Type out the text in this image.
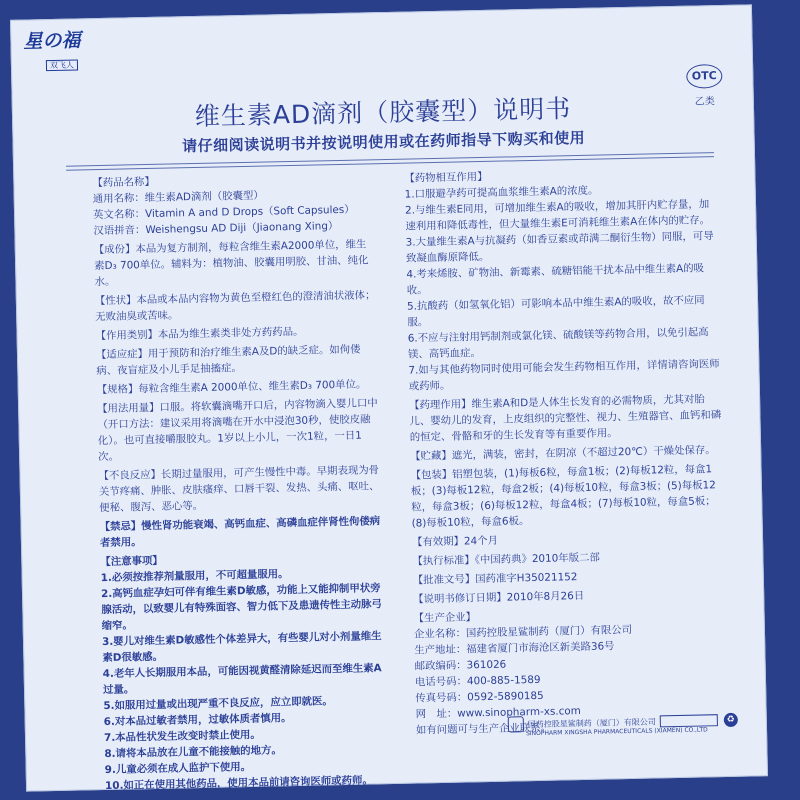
星の福
双飞人
OTC
乙类
维生素AD滴剂（胶囊型）说明书
请仔细阅读说明书并按说明使用或在药师指导下购买和使用
【药品名称】
通用名称：维生素AD滴剂（胶囊型）
英文名称：Vitamin A and D Drops（Soft Capsules）
汉语拼音：Weishengsu AD Diji（Jiaonang Xing）
【成份】本品为复方制剂，每粒含维生素A2000单位，维生素D₃ 700单位。辅料为：植物油、胶囊用明胶、甘油、纯化水。
【性状】本品或本品内容物为黄色至橙红色的澄清油状液体；无败油臭或苦味。
【作用类别】本品为维生素类非处方药药品。
【适应症】用于预防和治疗维生素A及D的缺乏症。如佝偻病、夜盲症及小儿手足抽搐症。
【规格】每粒含维生素A 2000单位、维生素D₃ 700单位。
【用法用量】口服。将软囊滴嘴开口后，内容物滴入婴儿口中（开口方法：建议采用将滴嘴在开水中浸泡30秒，使胶皮融化）。也可直接嚼服胶丸。1岁以上小儿，一次1粒，一日1次。
【不良反应】长期过量服用，可产生慢性中毒。早期表现为骨关节疼痛、肿胀、皮肤瘙痒、口唇干裂、发热、头痛、呕吐、便秘、腹泻、恶心等。
【禁忌】慢性肾功能衰竭、高钙血症、高磷血症伴肾性佝偻病者禁用。
【注意事项】
1.必须按推荐剂量服用，不可超量服用。
2.高钙血症孕妇可伴有维生素D敏感，功能上又能抑制甲状旁腺活动，以致婴儿有特殊面容、智力低下及患遗传性主动脉弓缩窄。
3.婴儿对维生素D敏感性个体差异大，有些婴儿对小剂量维生素D很敏感。
4.老年人长期服用本品，可能因视黄醛清除延迟而至维生素A过量。
5.如服用过量或出现严重不良反应，应立即就医。
6.对本品过敏者禁用，过敏体质者慎用。
7.本品性状发生改变时禁止使用。
8.请将本品放在儿童不能接触的地方。
9.儿童必须在成人监护下使用。
10.如正在使用其他药品，使用本品前请咨询医师或药师。
【药物相互作用】
1.口服避孕药可提高血浆维生素A的浓度。
2.与维生素E同用，可增加维生素A的吸收，增加其肝内贮存量，加速利用和降低毒性，但大量维生素E可消耗维生素A在体内的贮存。
3.大量维生素A与抗凝药（如香豆素或茚满二酮衍生物）同服，可导致凝血酶原降低。
4.考来烯胺、矿物油、新霉素、硫糖铝能干扰本品中维生素A的吸收。
5.抗酸药（如氢氧化铝）可影响本品中维生素A的吸收，故不应同服。
6.不应与注射用钙制剂或氯化镁、硫酸镁等药物合用，以免引起高镁、高钙血症。
7.如与其他药物同时使用可能会发生药物相互作用，详情请咨询医师或药师。
【药理作用】维生素A和D是人体生长发育的必需物质，尤其对胎儿、婴幼儿的发育，上皮组织的完整性、视力、生殖器官、血钙和磷的恒定、骨骼和牙的生长发育等有重要作用。
【贮藏】遮光，满装，密封，在阴凉（不超过20℃）干燥处保存。
【包装】铝塑包装，(1)每板6粒，每盒1板；(2)每板12粒，每盒1板；(3)每板12粒，每盒2板；(4)每板10粒，每盒3板；(5)每板12粒，每盒3板；(6)每板12粒，每盒4板；(7)每板10粒，每盒5板；(8)每板10粒，每盒6板。
【有效期】24个月
【执行标准】《中国药典》2010年版二部
【批准文号】国药准字H35021152
【说明书修订日期】2010年8月26日
【生产企业】
企业名称： 国药控股星鲨制药（厦门）有限公司
生产地址： 福建省厦门市海沧区新美路36号
邮政编码： 361026
电话号码： 400-885-1589
传真号码： 0592-5890185
网　址： www.sinopharm-xs.com
如有问题可与生产企业联系。
国药控股星鲨制药（厦门）有限公司	♻
SINOPHARM XINGSHA PHARMACEUTICALS (XIAMEN) CO.,LTD
